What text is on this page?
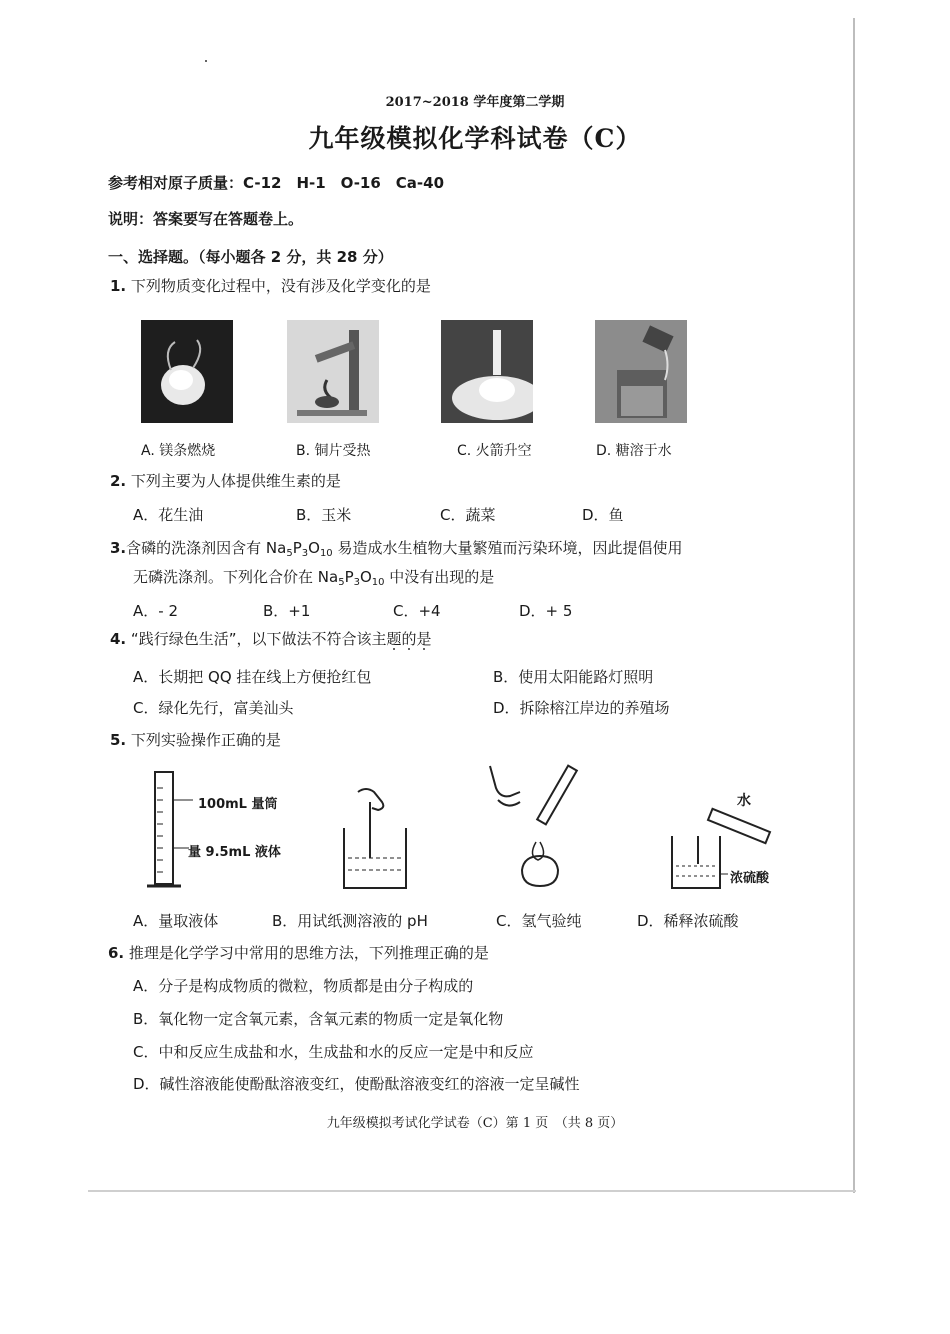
2017~2018 学年度第二学期
九年级模拟化学科试卷（C）
参考相对原子质量：C-12　H-1　O-16　Ca-40
说明：答案要写在答题卷上。
一、选择题。（每小题各 2 分，共 28 分）
1. 下列物质变化过程中，没有涉及化学变化的是
A. 镁条燃烧	B. 铜片受热	C. 火箭升空	D. 糖溶于水
2. 下列主要为人体提供维生素的是
A．花生油	B．玉米	C．蔬菜	D．鱼
3.含磷的洗涤剂因含有 $Na_5P_3O_{10}$ 易造成水生植物大量繁殖而污染环境，因此提倡使用
无磷洗涤剂。下列化合价在 $Na_5P_3O_{10}$ 中没有出现的是
A．- 2	B．+1	C．+4	D．+ 5
4. “践行绿色生活”，以下做法不符合该主题的是
A．长期把 QQ 挂在线上方便抢红包	B．使用太阳能路灯照明
C．绿化先行，富美汕头	D．拆除榕江岸边的养殖场
5. 下列实验操作正确的是
100mL 量筒
量 9.5mL 液体
水
浓硫酸
A．量取液体	B．用试纸测溶液的 pH	C．氢气验纯	D．稀释浓硫酸
6. 推理是化学学习中常用的思维方法，下列推理正确的是
A．分子是构成物质的微粒，物质都是由分子构成的
B．氧化物一定含氧元素，含氧元素的物质一定是氧化物
C．中和反应生成盐和水，生成盐和水的反应一定是中和反应
D．碱性溶液能使酚酞溶液变红，使酚酞溶液变红的溶液一定呈碱性
九年级模拟考试化学试卷（C）第 1 页　（共 8 页）
